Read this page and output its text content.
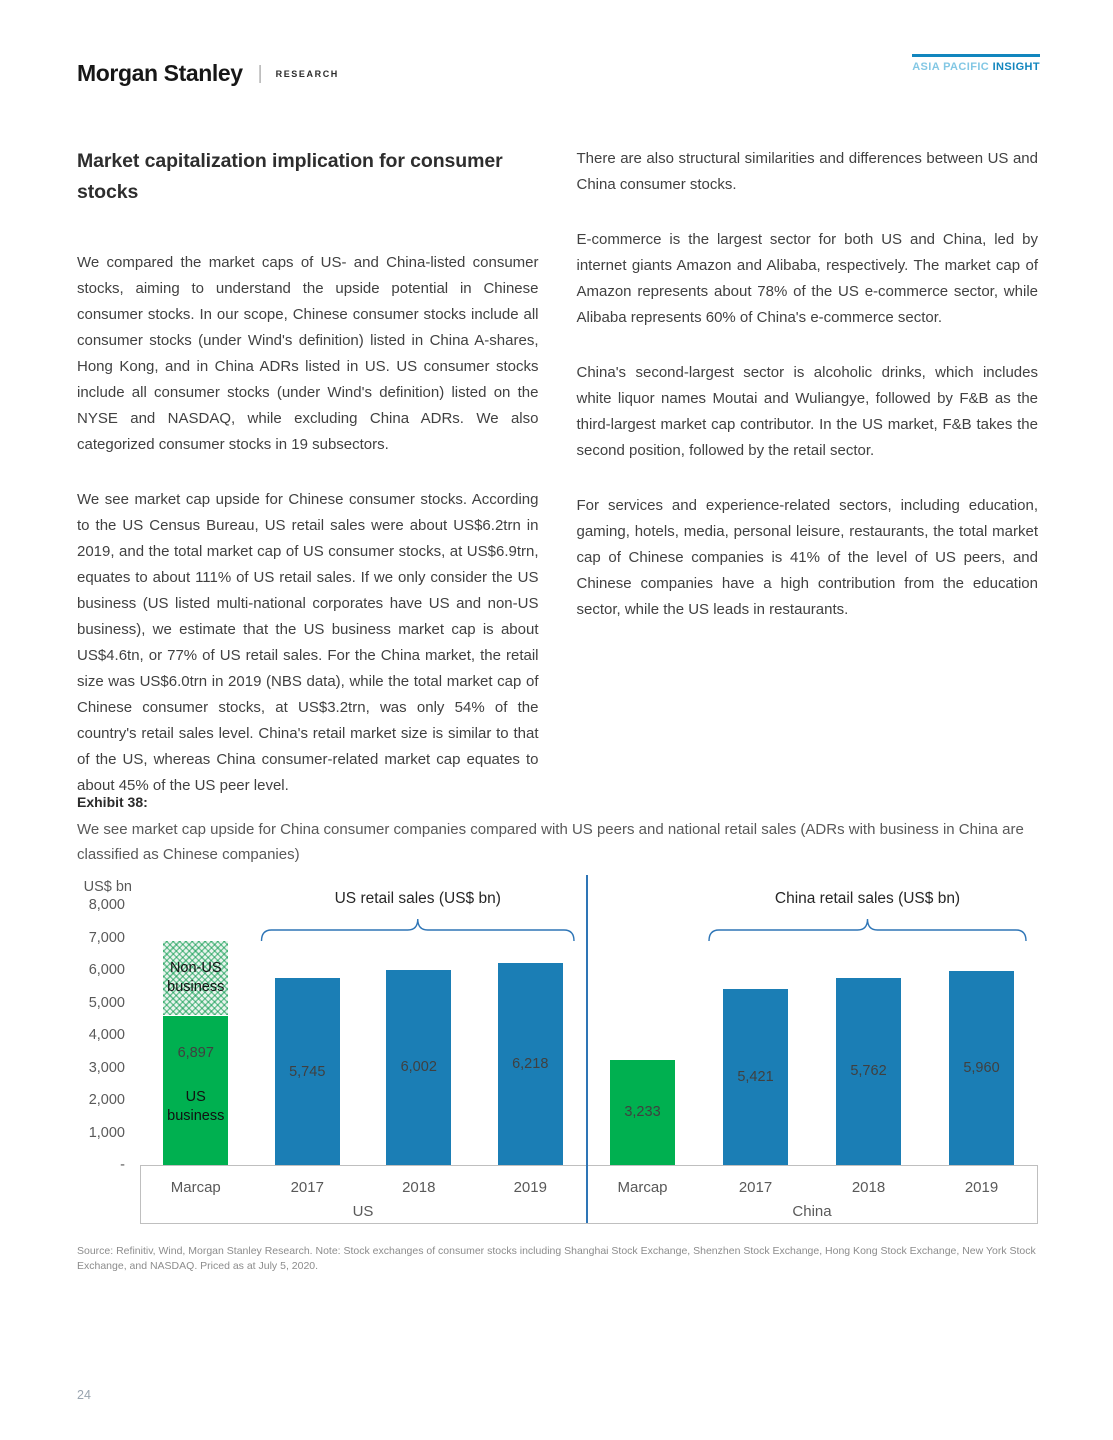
Morgan Stanley | $^{RESEARCH}$
ASIA PACIFIC INSIGHT
Market capitalization implication for consumer stocks

We compared the market caps of US- and China-listed consumer stocks, aiming to understand the upside potential in Chinese consumer stocks. In our scope, Chinese consumer stocks include all consumer stocks (under Wind's definition) listed in China A-shares, Hong Kong, and in China ADRs listed in US. US consumer stocks include all consumer stocks (under Wind's definition) listed on the NYSE and NASDAQ, while excluding China ADRs. We also categorized consumer stocks in 19 subsectors.

We see market cap upside for Chinese consumer stocks. According to the US Census Bureau, US retail sales were about US$6.2trn in 2019, and the total market cap of US consumer stocks, at US$6.9trn, equates to about 111% of US retail sales. If we only consider the US business (US listed multi-national corporates have US and non-US business), we estimate that the US business market cap is about US$4.6tn, or 77% of US retail sales. For the China market, the retail size was US$6.0trn in 2019 (NBS data), while the total market cap of Chinese consumer stocks, at US$3.2trn, was only 54% of the country's retail sales level. China's retail market size is similar to that of the US, whereas China consumer-related market cap equates to about 45% of the US peer level.

There are also structural similarities and differences between US and China consumer stocks.

E-commerce is the largest sector for both US and China, led by internet giants Amazon and Alibaba, respectively. The market cap of Amazon represents about 78% of the US e-commerce sector, while Alibaba represents 60% of China's e-commerce sector.

China's second-largest sector is alcoholic drinks, which includes white liquor names Moutai and Wuliangye, followed by F&B as the third-largest market cap contributor. In the US market, F&B takes the second position, followed by the retail sector.

For services and experience-related sectors, including education, gaming, hotels, media, personal leisure, restaurants, the total market cap of Chinese companies is 41% of the level of US peers, and Chinese companies have a high contribution from the education sector, while the US leads in restaurants.

Exhibit 38:
We see market cap upside for China consumer companies compared with US peers and national retail sales (ADRs with business in China are classified as Chinese companies)
US$ bn
8,000
7,000
6,000
5,000
4,000
3,000
2,000
1,000
-
US
Marcap
6,897
Non-US business
US business
2017
5,745
2018
6,002
2019
6,218
US retail sales (US$ bn)
China
Marcap
3,233
2017
5,421
2018
5,762
2019
5,960
China retail sales (US$ bn)
Source: Refinitiv, Wind, Morgan Stanley Research. Note: Stock exchanges of consumer stocks including Shanghai Stock Exchange, Shenzhen Stock Exchange, Hong Kong Stock Exchange, New York Stock Exchange, and NASDAQ. Priced as at July 5, 2020.
24
